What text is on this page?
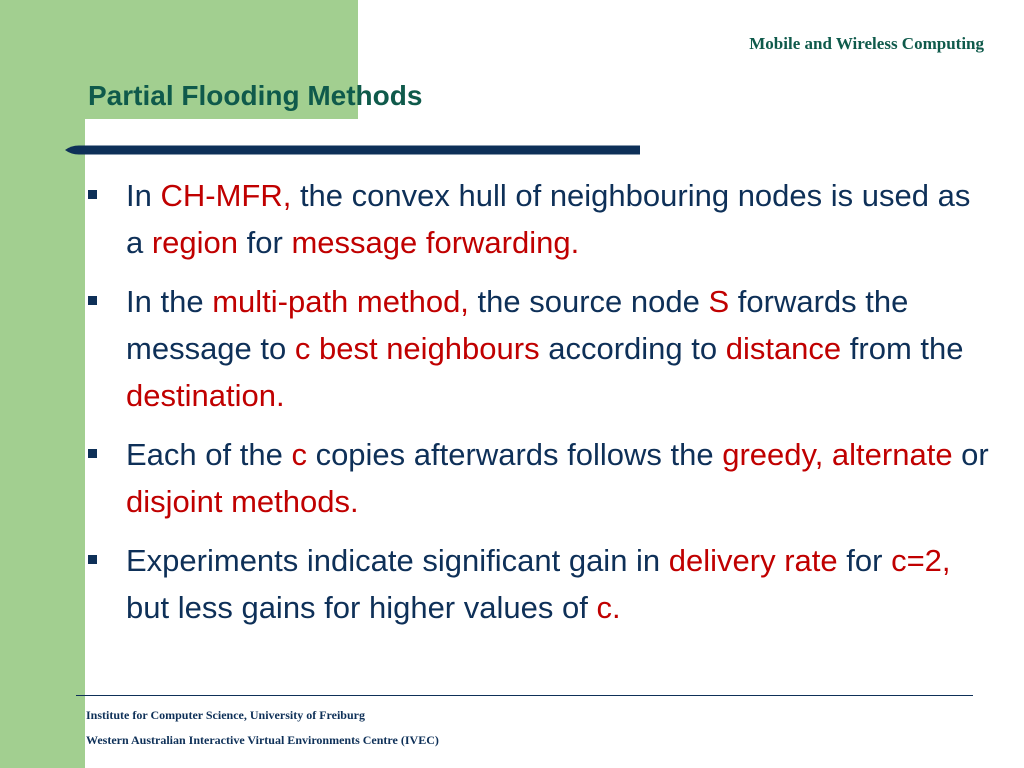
Mobile and Wireless Computing
Partial Flooding Methods
In CH-MFR, the convex hull of neighbouring nodes is used as a region for message forwarding.
In the multi-path method, the source node S forwards the message to c best neighbours according to distance from the destination.
Each of the c copies afterwards follows the greedy, alternate or disjoint methods.
Experiments indicate significant gain in delivery rate for c=2, but less gains for higher values of c.
Institute for Computer Science, University of Freiburg
Western Australian Interactive Virtual Environments Centre (IVEC)
